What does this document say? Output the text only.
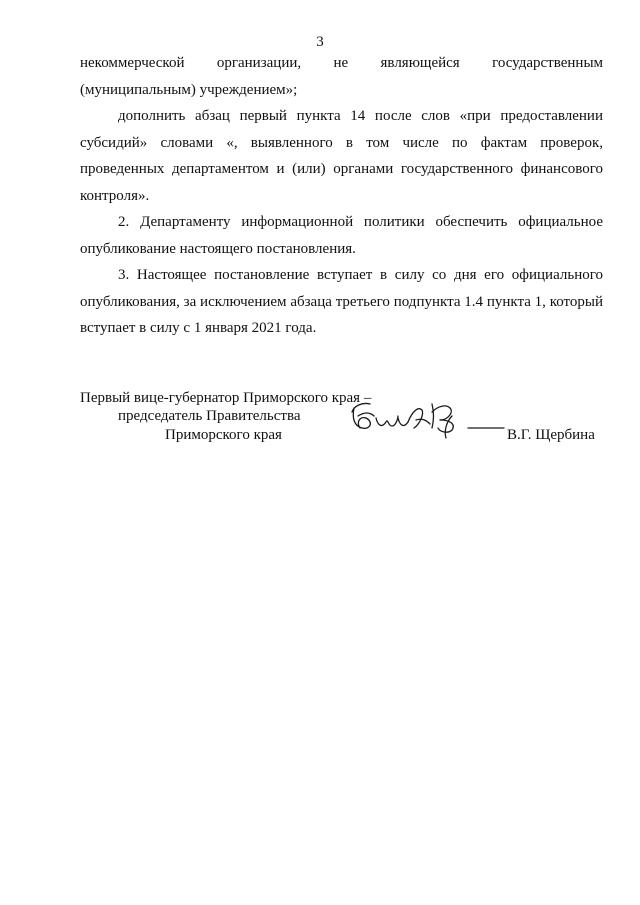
3

некоммерческой организации, не являющейся государственным

(муниципальным) учреждением»;

дополнить абзац первый пункта 14 после слов «при предоставлении субсидий» словами «, выявленного в том числе по фактам проверок, проведенных департаментом и (или) органами государственного финансового контроля».

2. Департаменту информационной политики обеспечить официальное опубликование настоящего постановления.

3. Настоящее постановление вступает в силу со дня его официального опубликования, за исключением абзаца третьего подпункта 1.4 пункта 1, который вступает в силу с 1 января 2021 года.

Первый вице-губернатор Приморского края –
председатель Правительства
Приморского края	В.Г. Щербина
